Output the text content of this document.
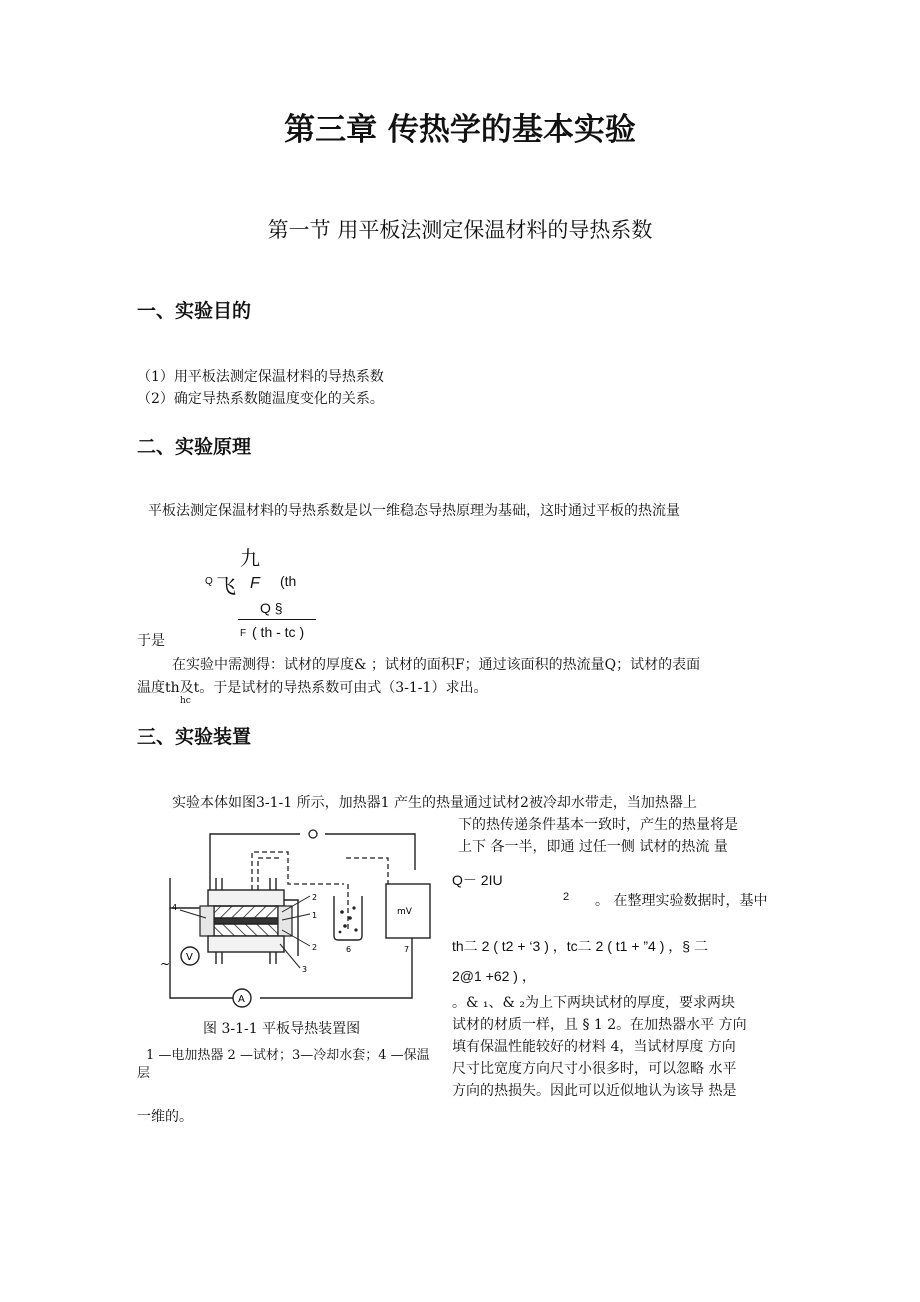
第三章 传热学的基本实验
第一节 用平板法测定保温材料的导热系数
一、实验目的
（1）用平板法测定保温材料的导热系数
（2）确定导热系数随温度变化的关系。
二、实验原理
平板法测定保温材料的导热系数是以一维稳态导热原理为基础，这时通过平板的热流量
九
Q 飞 F (th
于是
Q §
F ( th - tc )
在实验中需测得：试材的厚度& ；试材的面积F；通过该面积的热流量Q；试材的表面
温度th及t。于是试材的导热系数可由式（3-1-1）求出。
hc
三、实验装置
实验本体如图3-1-1 所示，加热器1 产生的热量通过试材2被冷却水带走，当加热器上
下的热传递条件基本一致时，产生的热量将是
上下 各一半，即通 过任一侧 试材的热流 量
Q－ 2IU
2 。 在整理实验数据时，基中
th二 2 ( t2 + ‘3 ) ，tc二 2 ( t1 + ”4 ) ，§ 二
2@1 +62 ) ，
。& ₁、& ₂为上下两块试材的厚度，要求两块
试材的材质一样，且 § 1 2。在加热器水平 方向
填有保温性能较好的材料 4，当试材厚度 方向
尺寸比宽度方向尺寸小很多时，可以忽略 水平
方向的热损失。因此可以近似地认为该导 热是
一维的。
mV
V
A
~
4
2
1
2
3
6	7
图 3-1-1 平板导热装置图
1 —电加热器 2 —试材；3—冷却水套；4 —保温
层
